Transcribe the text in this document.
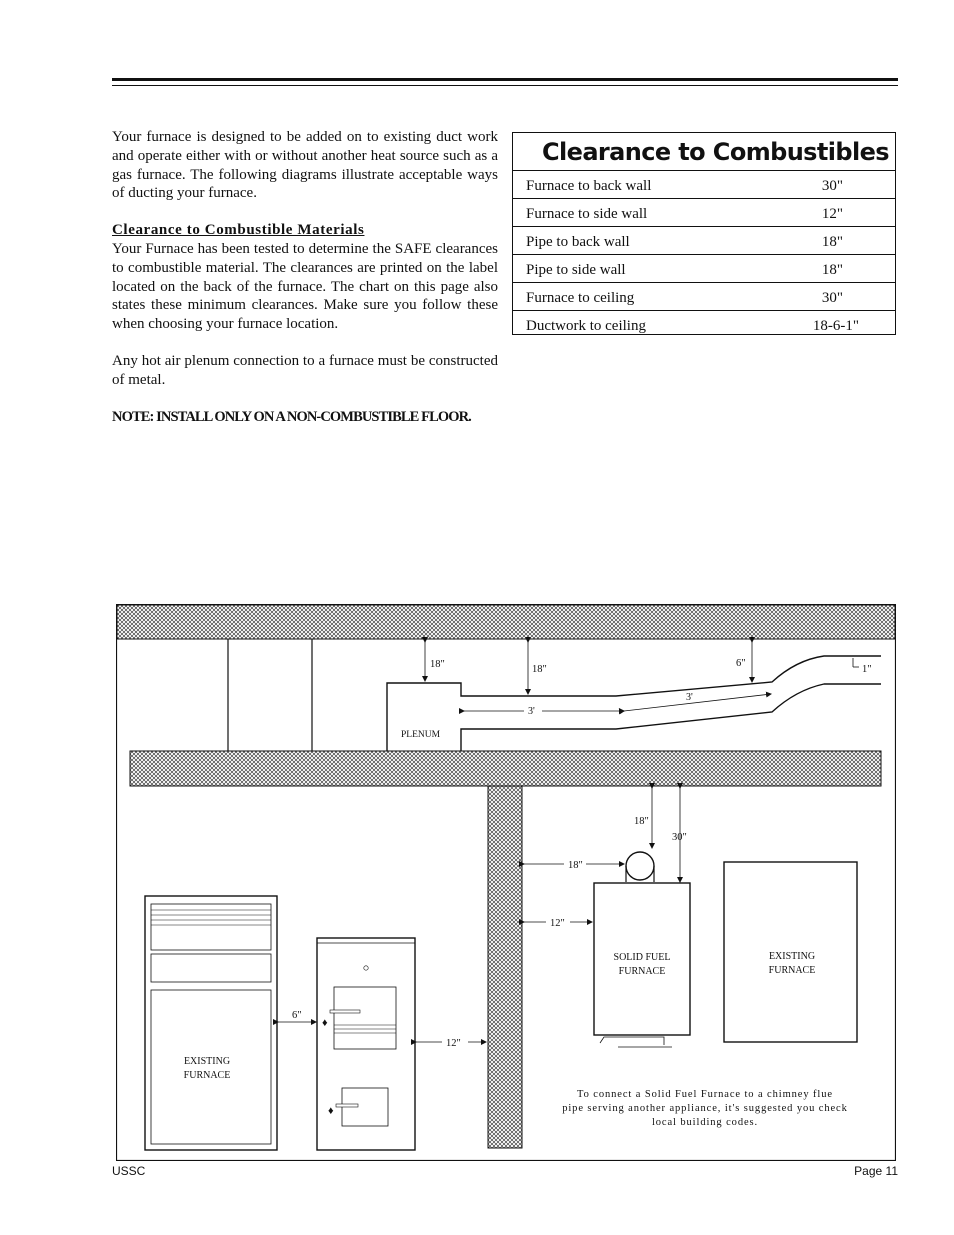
Your furnace is designed to be added on to existing duct work and operate either with or without another heat source such as a gas furnace. The following diagrams illustrate acceptable ways of ducting your furnace.

Clearance to Combustible Materials

Your Furnace has been tested to determine the SAFE clearances to combustible material. The clearances are printed on the label located on the back of the furnace. The chart on this page also states these minimum clearances. Make sure you follow these when choosing your furnace location.

Any hot air plenum connection to a furnace must be constructed of metal.

NOTE: INSTALL ONLY ON A NON-COMBUSTIBLE FLOOR.

Clearance to Combustibles
Furnace to back wall	30"
Furnace to side wall	12"
Pipe to back wall	18"
Pipe to side wall	18"
Furnace to ceiling	30"
Ductwork to ceiling	18-6-1"
PLENUM
18"	18"
3'
3'
6"
1"
18"
30"
18"
12"
SOLID FUEL
FURNACE
EXISTING
FURNACE
EXISTING
FURNACE
6"
♦
♦
12"
To connect a Solid Fuel Furnace to a chimney flue
pipe serving another appliance, it's suggested you check
local building codes.
USSC	Page 11
